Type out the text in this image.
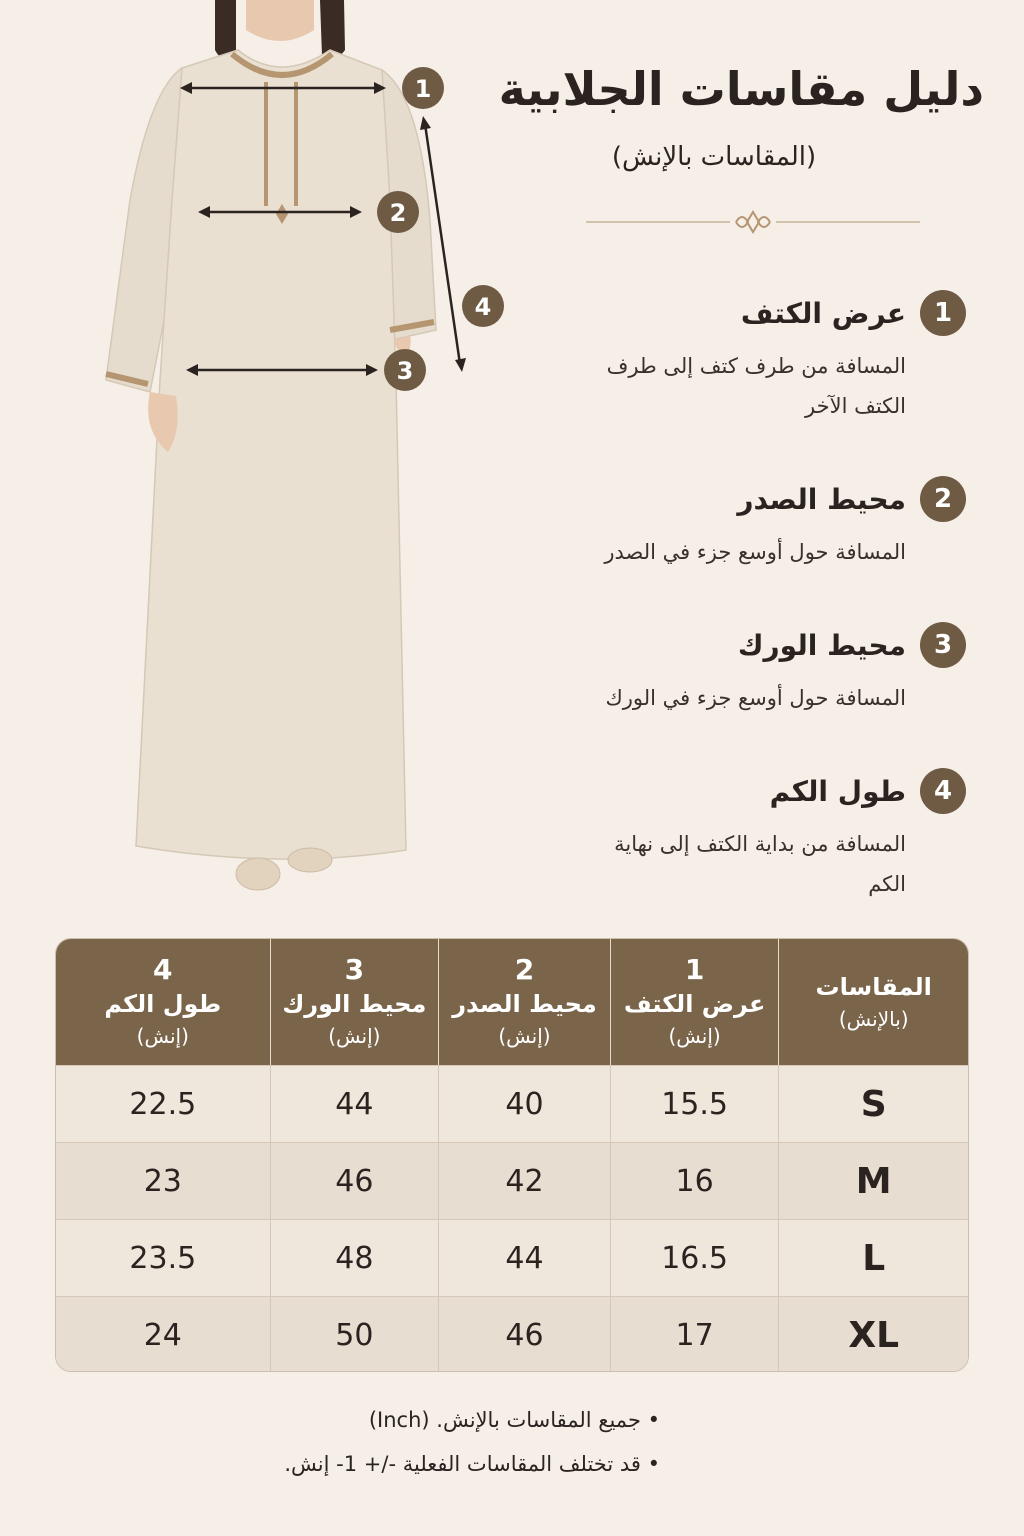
1
2
3
4
دليل مقاسات الجلابية
(المقاسات بالإنش)
1
عرض الكتف
المسافة من طرف كتف إلى طرف الكتف الآخر
2
محيط الصدر
المسافة حول أوسع جزء في الصدر
3
محيط الورك
المسافة حول أوسع جزء في الورك
4
طول الكم
المسافة من بداية الكتف إلى نهاية الكم
المقاسات
(بالإنش)
1
عرض الكتف
(إنش)
2
محيط الصدر
(إنش)
3
محيط الورك
(إنش)
4
طول الكم
(إنش)
S
15.5
40
44
22.5
M
16
42
46
23
L
16.5
44
48
23.5
XL
17
46
50
24
• جميع المقاسات بالإنش. (Inch)
• قد تختلف المقاسات الفعلية -/+ 1- إنش.
